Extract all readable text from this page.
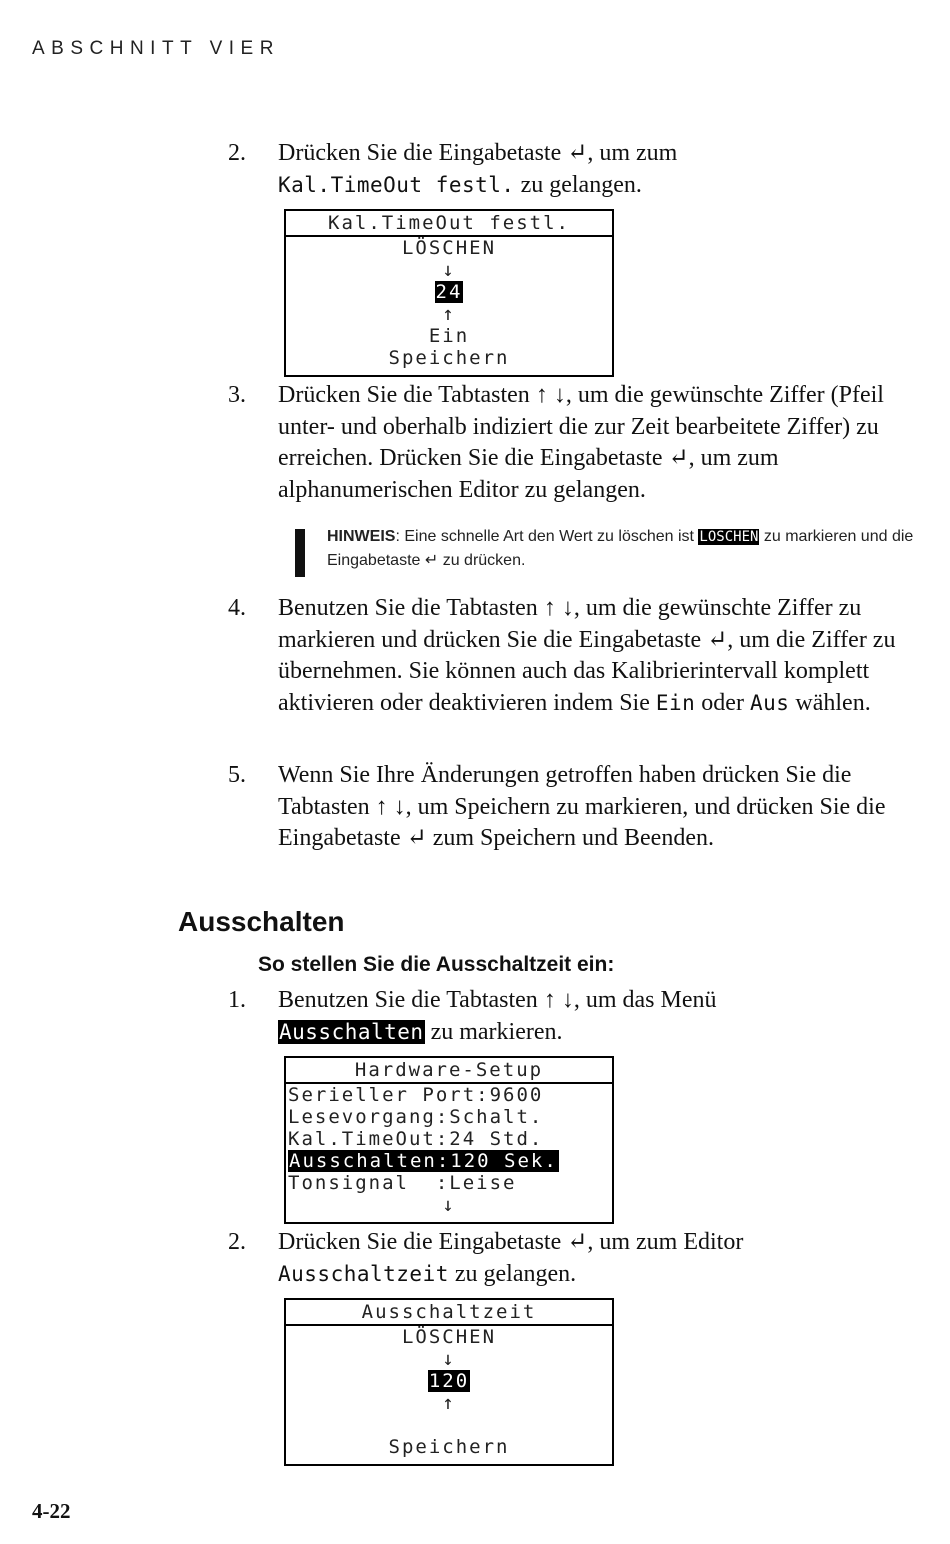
ABSCHNITT VIER
2. Drücken Sie die Eingabetaste ↵, um zum
Kal.TimeOut festl. zu gelangen.
Kal.TimeOut festl.
LÖSCHEN
↓
24
↑
Ein
Speichern
3. Drücken Sie die Tabtasten ↑ ↓, um die gewünschte Ziffer (Pfeil unter- und oberhalb indiziert die zur Zeit bearbeitete Ziffer) zu erreichen. Drücken Sie die Eingabetaste ↵, um zum alphanumerischen Editor zu gelangen.
HINWEIS: Eine schnelle Art den Wert zu löschen ist LÖSCHEN zu markieren und die Eingabetaste ↵ zu drücken.
4. Benutzen Sie die Tabtasten ↑ ↓, um die gewünschte Ziffer zu markieren und drücken Sie die Eingabetaste ↵, um die Ziffer zu übernehmen. Sie können auch das Kalibrierintervall komplett aktivieren oder deaktivieren indem Sie Ein oder Aus wählen.
5. Wenn Sie Ihre Änderungen getroffen haben drücken Sie die Tabtasten ↑ ↓, um Speichern zu markieren, und drücken Sie die Eingabetaste ↵ zum Speichern und Beenden.
Ausschalten
So stellen Sie die Ausschaltzeit ein:
1. Benutzen Sie die Tabtasten ↑ ↓, um das Menü
Ausschalten zu markieren.
Hardware-Setup
Serieller Port:9600
Lesevorgang:Schalt.
Kal.TimeOut:24 Std.
Ausschalten:120 Sek.
Tonsignal  :Leise
↓
2. Drücken Sie die Eingabetaste ↵, um zum Editor
Ausschaltzeit zu gelangen.
Ausschaltzeit
LÖSCHEN
↓
120
↑
Speichern
4-22
